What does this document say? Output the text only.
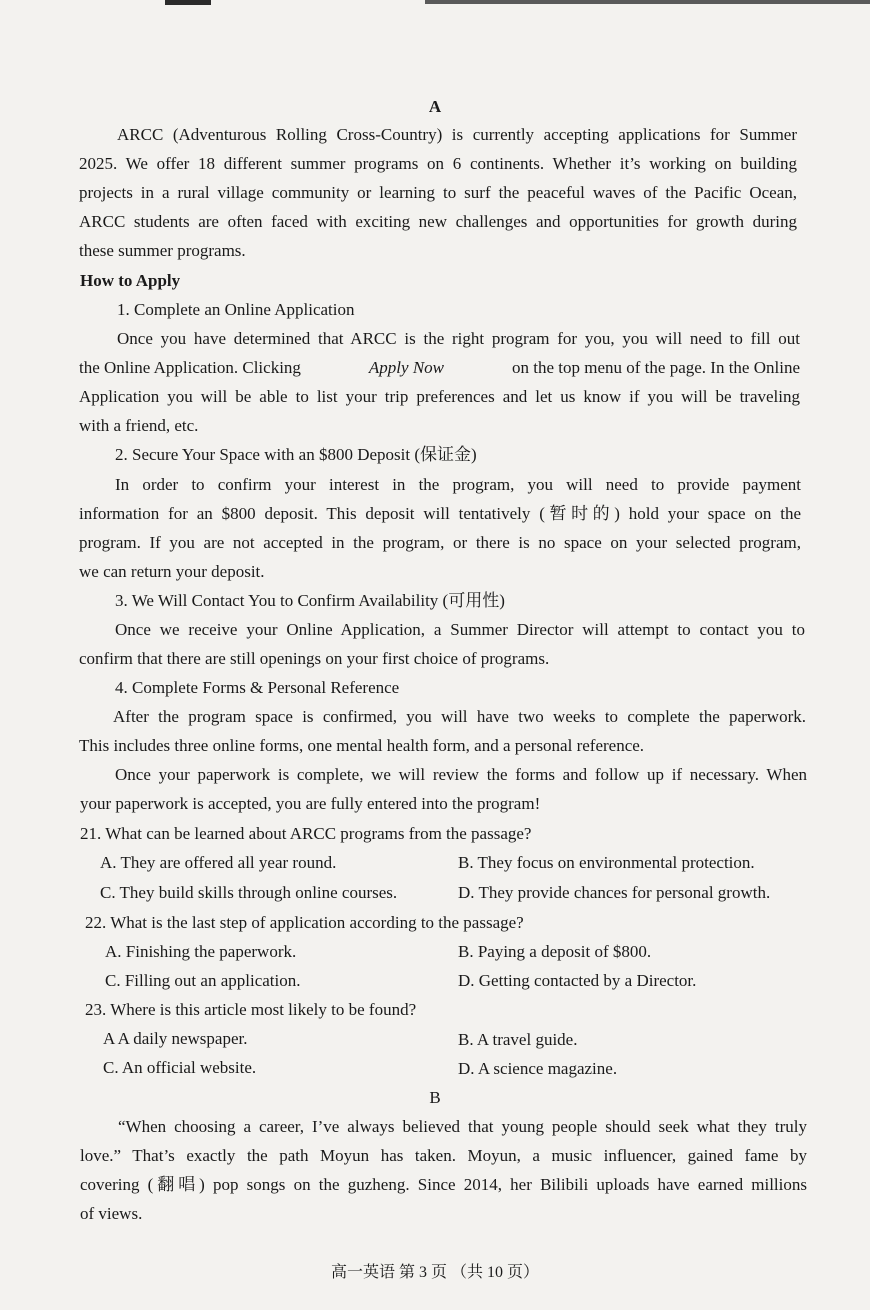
A
ARCC (Adventurous Rolling Cross-Country) is currently accepting applications for Summer
2025. We offer 18 different summer programs on 6 continents. Whether it’s working on building
projects in a rural village community or learning to surf the peaceful waves of the Pacific Ocean,
ARCC students are often faced with exciting new challenges and opportunities for growth during
these summer programs.
How to Apply
1. Complete an Online Application
Once you have determined that ARCC is the right program for you, you will need to fill out
the Online Application. Clicking	Apply Now	on the top menu of the page. In the Online
Application you will be able to list your trip preferences and let us know if you will be traveling
with a friend, etc.
2. Secure Your Space with an $800 Deposit (保证金)
In order to confirm your interest in the program, you will need to provide payment
information for an $800 deposit. This deposit will tentatively (暂时的) hold your space on the
program. If you are not accepted in the program, or there is no space on your selected program,
we can return your deposit.
3. We Will Contact You to Confirm Availability (可用性)
Once we receive your Online Application, a Summer Director will attempt to contact you to
confirm that there are still openings on your first choice of programs.
4. Complete Forms & Personal Reference
After the program space is confirmed, you will have two weeks to complete the paperwork.
This includes three online forms, one mental health form, and a personal reference.
Once your paperwork is complete, we will review the forms and follow up if necessary. When
your paperwork is accepted, you are fully entered into the program!
21. What can be learned about ARCC programs from the passage?
A. They are offered all year round.	B. They focus on environmental protection.
C. They build skills through online courses.	D. They provide chances for personal growth.
22. What is the last step of application according to the passage?
A. Finishing the paperwork.	B. Paying a deposit of $800.
C. Filling out an application.	D. Getting contacted by a Director.
23. Where is this article most likely to be found?
A A daily newspaper.	B. A travel guide.
C. An official website.	D. A science magazine.
B
“When choosing a career, I’ve always believed that young people should seek what they truly
love.” That’s exactly the path Moyun has taken. Moyun, a music influencer, gained fame by
covering (翻唱) pop songs on the guzheng. Since 2014, her Bilibili uploads have earned millions
of views.
高一英语 第 3 页 （共 10 页）
